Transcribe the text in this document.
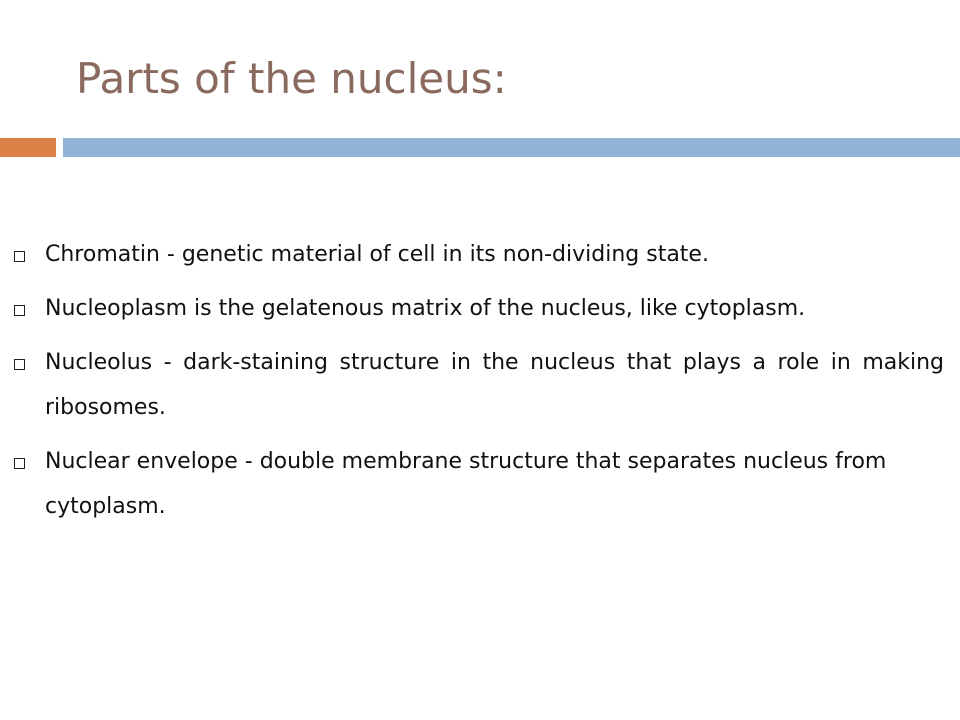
Parts of the nucleus:
Chromatin - genetic material of cell in its non-dividing state.
Nucleoplasm is the gelatenous matrix of the nucleus, like cytoplasm.
Nucleolus - dark-staining structure in the nucleus that plays a role in making ribosomes.
Nuclear envelope - double membrane structure that separates nucleus from cytoplasm.
